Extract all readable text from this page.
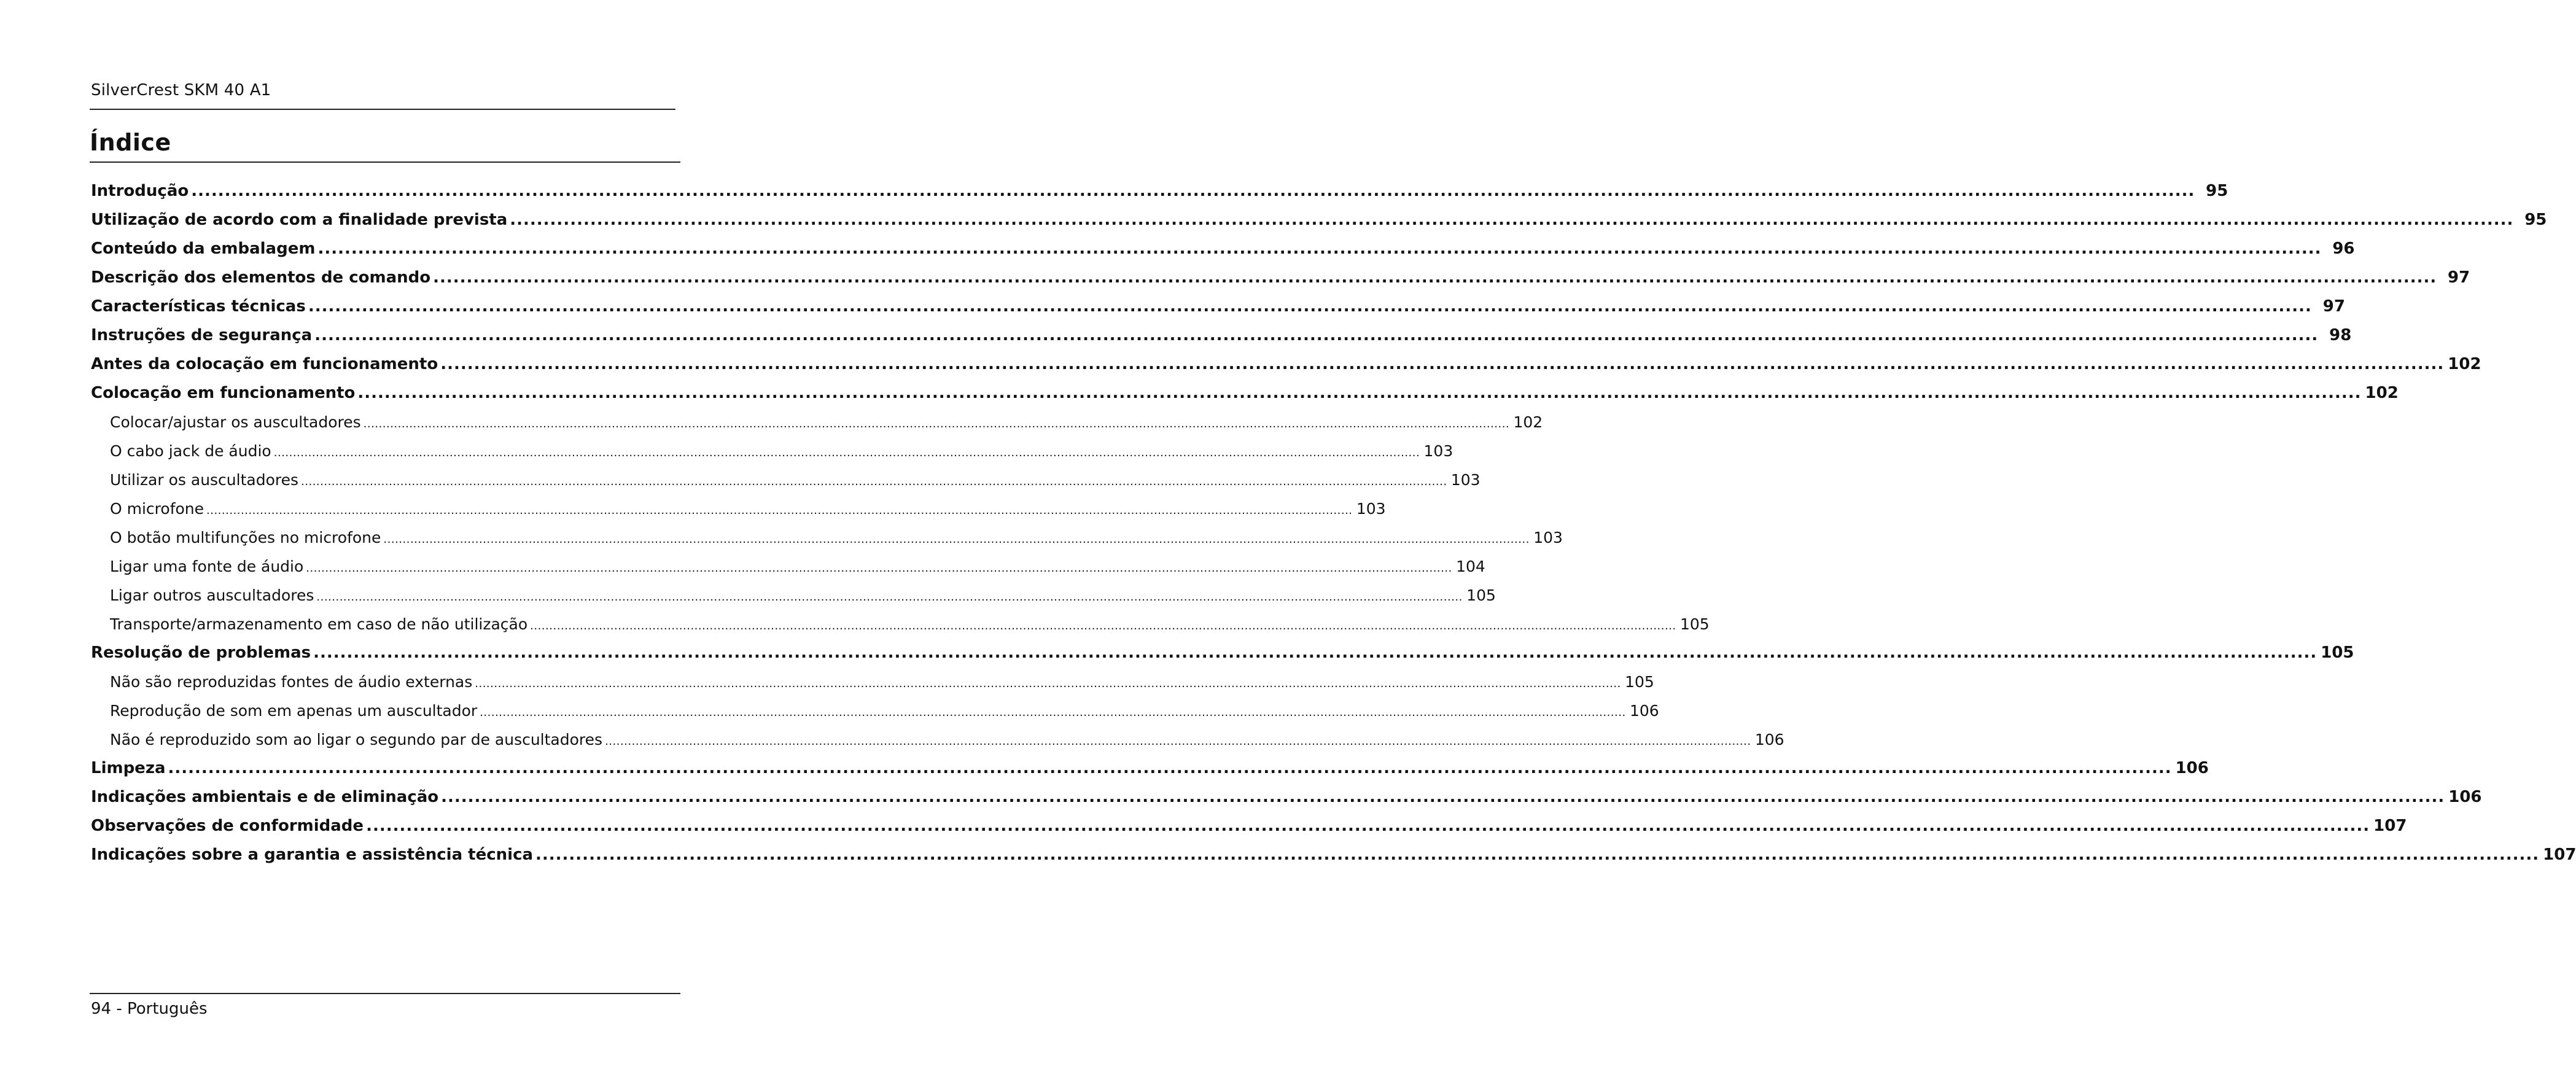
SilverCrest SKM 40 A1
Índice
Introdução ............................................................................................................................................................................................................................................................................................................ 95
Utilização de acordo com a finalidade prevista ............................................................................................................................................................................................................................................................................................................ 95
Conteúdo da embalagem ............................................................................................................................................................................................................................................................................................................ 96
Descrição dos elementos de comando ............................................................................................................................................................................................................................................................................................................ 97
Características técnicas ............................................................................................................................................................................................................................................................................................................ 97
Instruções de segurança ............................................................................................................................................................................................................................................................................................................ 98
Antes da colocação em funcionamento ............................................................................................................................................................................................................................................................................................................ 102
Colocação em funcionamento ............................................................................................................................................................................................................................................................................................................ 102
Colocar/ajustar os auscultadores ............................................................................................................................................................................................................................................................................................................ 102
O cabo jack de áudio ............................................................................................................................................................................................................................................................................................................ 103
Utilizar os auscultadores ............................................................................................................................................................................................................................................................................................................ 103
O microfone ............................................................................................................................................................................................................................................................................................................ 103
O botão multifunções no microfone ............................................................................................................................................................................................................................................................................................................ 103
Ligar uma fonte de áudio ............................................................................................................................................................................................................................................................................................................ 104
Ligar outros auscultadores ............................................................................................................................................................................................................................................................................................................ 105
Transporte/armazenamento em caso de não utilização ............................................................................................................................................................................................................................................................................................................ 105
Resolução de problemas ............................................................................................................................................................................................................................................................................................................ 105
Não são reproduzidas fontes de áudio externas ............................................................................................................................................................................................................................................................................................................ 105
Reprodução de som em apenas um auscultador ............................................................................................................................................................................................................................................................................................................ 106
Não é reproduzido som ao ligar o segundo par de auscultadores ............................................................................................................................................................................................................................................................................................................ 106
Limpeza ............................................................................................................................................................................................................................................................................................................ 106
Indicações ambientais e de eliminação ............................................................................................................................................................................................................................................................................................................ 106
Observações de conformidade ............................................................................................................................................................................................................................................................................................................ 107
Indicações sobre a garantia e assistência técnica ............................................................................................................................................................................................................................................................................................................ 107
94 - Português
